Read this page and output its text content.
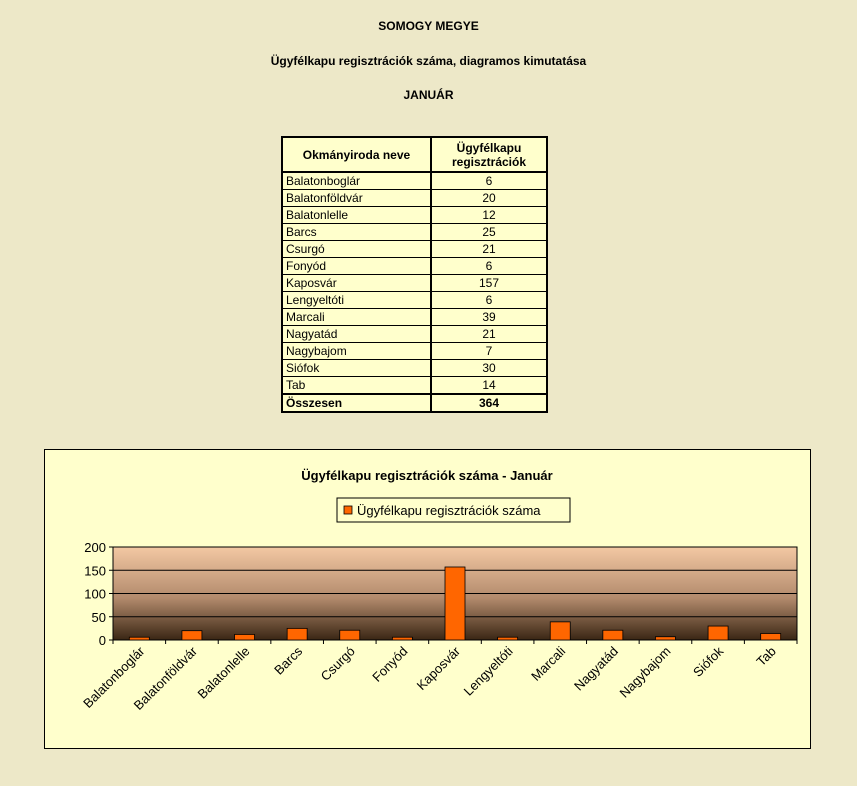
SOMOGY MEGYE
Ügyfélkapu regisztrációk száma, diagramos kimutatása
JANUÁR
Okmányiroda neve	Ügyfélkapu
regisztrációk
Balatonboglár	6
Balatonföldvár	20
Balatonlelle	12
Barcs	25
Csurgó	21
Fonyód	6
Kaposvár	157
Lengyeltóti	6
Marcali	39
Nagyatád	21
Nagybajom	7
Siófok	30
Tab	14
Összesen	364
Ügyfélkapu regisztrációk száma - Január
Ügyfélkapu regisztrációk száma
0
50
100
150
200
Balatonboglár
Balatonföldvár
Balatonlelle Barcs Csurgó Fonyód Kaposvár
Lengyeltóti Marcali Nagyatád
Nagybajom Siófok Tab
